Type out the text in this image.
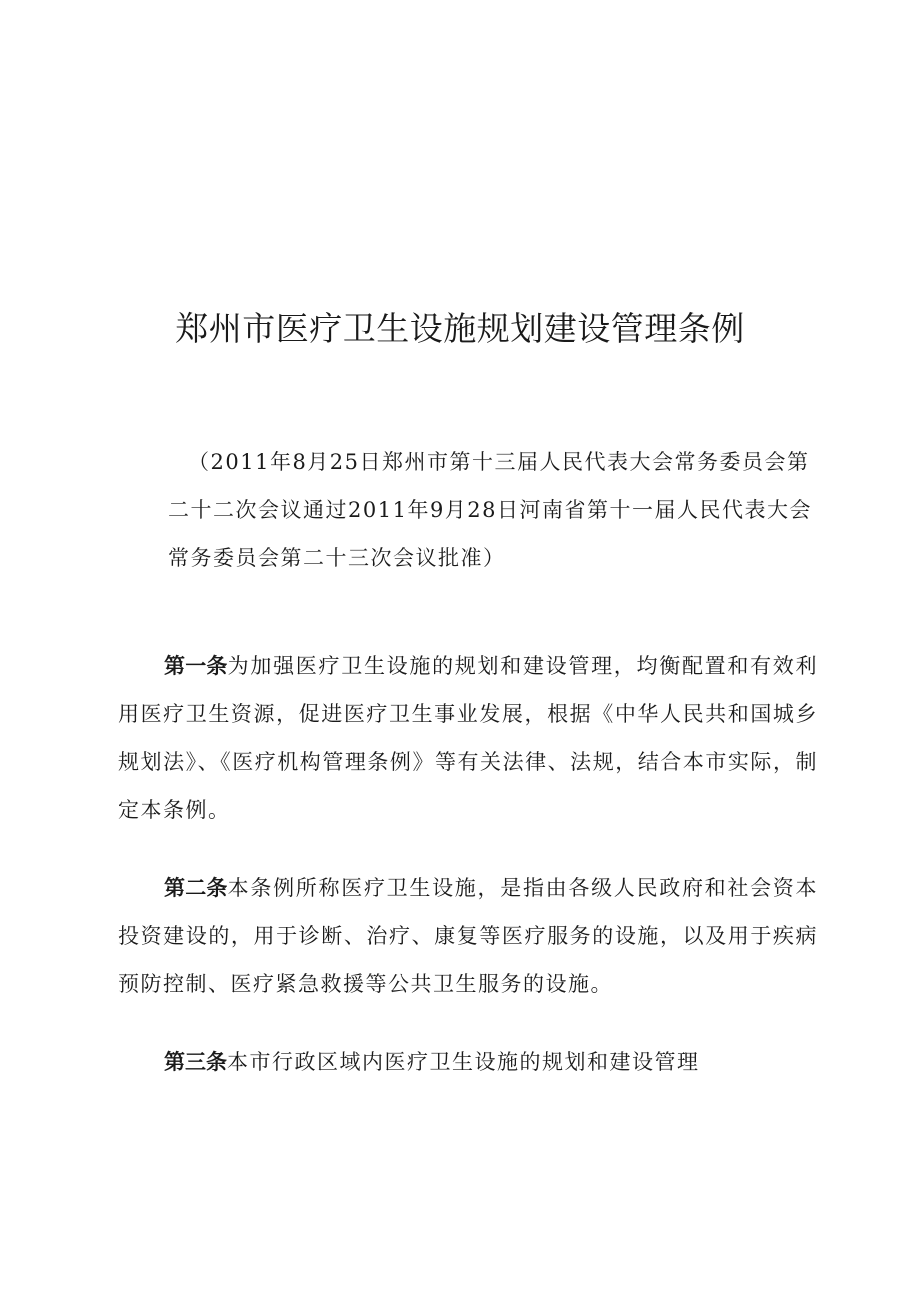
郑州市医疗卫生设施规划建设管理条例

（2011年8月25日郑州市第十三届人民代表大会常务委员会第二十二次会议通过2011年9月28日河南省第十一届人民代表大会常务委员会第二十三次会议批准）

第一条为加强医疗卫生设施的规划和建设管理，均衡配置和有效利用医疗卫生资源，促进医疗卫生事业发展，根据《中华人民共和国城乡规划法》、《医疗机构管理条例》等有关法律、法规，结合本市实际，制定本条例。

第二条本条例所称医疗卫生设施，是指由各级人民政府和社会资本投资建设的，用于诊断、治疗、康复等医疗服务的设施，以及用于疾病预防控制、医疗紧急救援等公共卫生服务的设施。

第三条本市行政区域内医疗卫生设施的规划和建设管理
